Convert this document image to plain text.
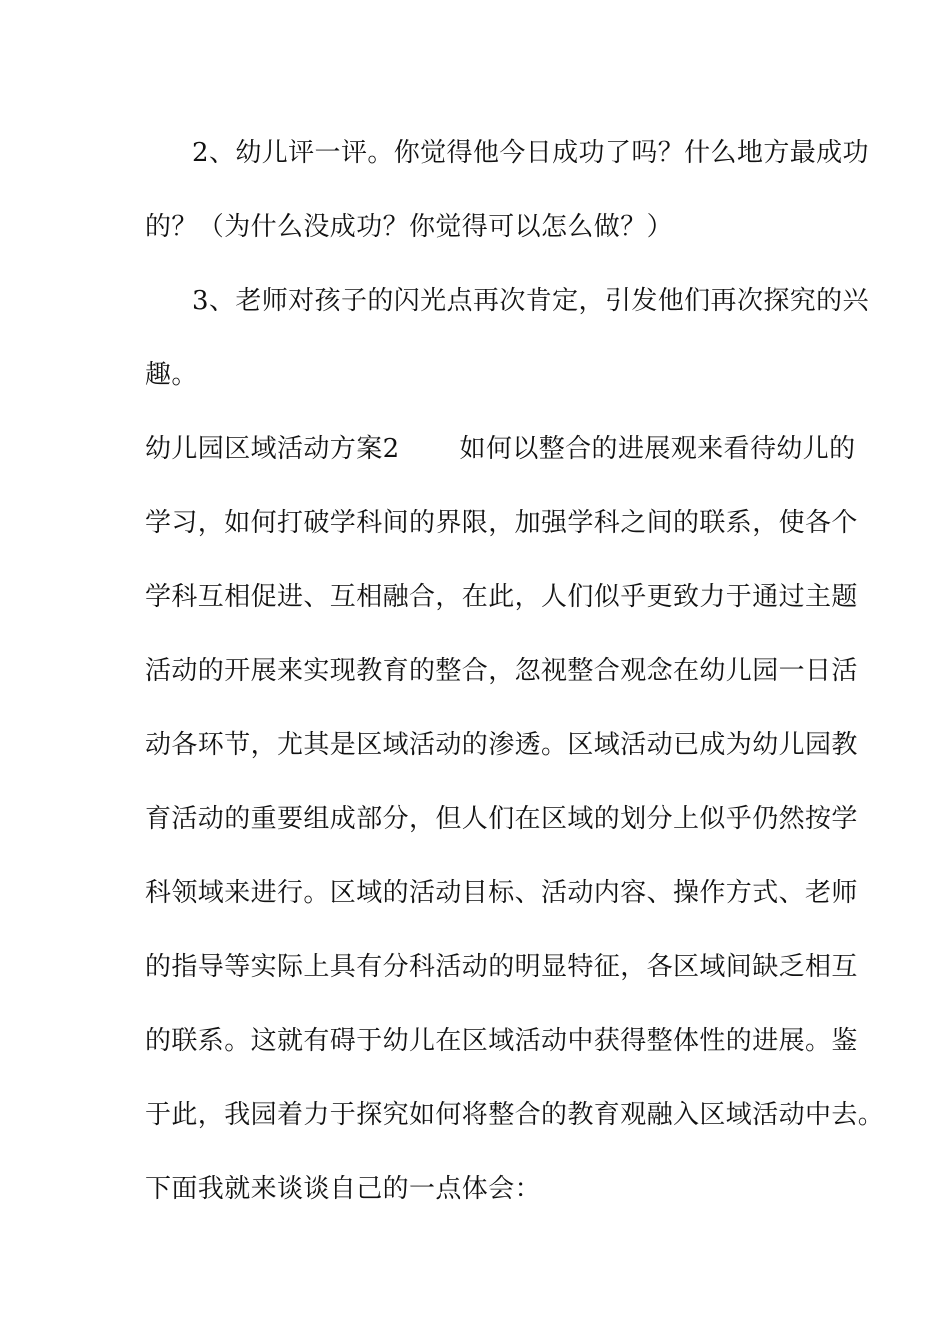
2、幼儿评一评。你觉得他今日成功了吗？什么地方最成功
的？（为什么没成功？你觉得可以怎么做？）
3、老师对孩子的闪光点再次肯定，引发他们再次探究的兴
趣。
幼儿园区域活动方案2 如何以整合的进展观来看待幼儿的
学习，如何打破学科间的界限，加强学科之间的联系，使各个
学科互相促进、互相融合，在此，人们似乎更致力于通过主题
活动的开展来实现教育的整合，忽视整合观念在幼儿园一日活
动各环节，尤其是区域活动的渗透。区域活动已成为幼儿园教
育活动的重要组成部分，但人们在区域的划分上似乎仍然按学
科领域来进行。区域的活动目标、活动内容、操作方式、老师
的指导等实际上具有分科活动的明显特征，各区域间缺乏相互
的联系。这就有碍于幼儿在区域活动中获得整体性的进展。鉴
于此，我园着力于探究如何将整合的教育观融入区域活动中去。
下面我就来谈谈自己的一点体会：
